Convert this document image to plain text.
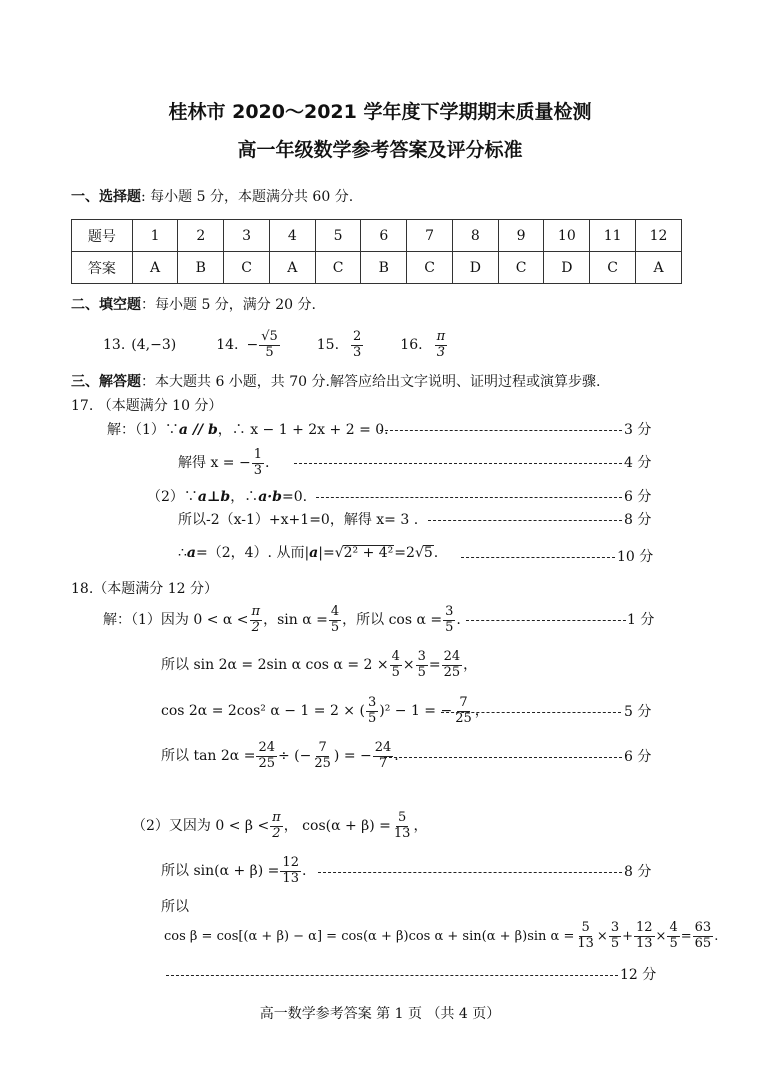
桂林市 2020～2021 学年度下学期期末质量检测
高一年级数学参考答案及评分标准
一、选择题: 每小题 5 分，本题满分共 60 分.
题号	1	2	3	4	5	6	7	8	9	10	11	12
答案	A	B	C	A	C	B	C	D	C	D	C	A
二、填空题：每小题 5 分，满分 20 分.
13. (4,−3)	14. − $\frac{√5}{5}$	15. $\frac{2}{3}$	16. $\frac{\pi}{3}$
三、解答题：本大题共 6 小题，共 70 分.解答应给出文字说明、证明过程或演算步骤.
17. （本题满分 10 分）
解：（1）∵ a // b ，∴ x − 1 + 2x + 2 = 0.	3 分
解得 x = − $\frac{1}{3}$ .	4 分
（2）∵ a⊥b ，∴ a·b =0.	6 分
所以-2（x-1）+x+1=0，解得 x= 3 .	8 分
∴ a =（2，4）. 从而| a |= √ 2² + 4² =2 √ 5 .	10 分
18.（本题满分 12 分）
解：（1）因为 $0 < \alpha < \frac{\pi}{2}$ ，$\sin \alpha = \frac{4}{5}$ ，所以 $\cos \alpha = \frac{3}{5}$ .	1 分
所以 sin 2α = 2sin α $\cos \alpha = 2 \times \frac{4}{5} \times \frac{3}{5} = \frac{24}{25}$ ，
cos 2α = 2cos² α − 1 = 2 × ( $\frac{3}{5} )^2 - 1$ = − $\frac{7}{25}$ ，	5 分
所以 $\tan 2\alpha = \frac{24}{25}$ ÷ (− $\frac{7}{25}$ ) = − $\frac{24}{7}$ .	6 分
（2）又因为 $0 < \beta < \frac{\pi}{2}$ ， $\cos(\alpha + \beta) = \frac{5}{13}$ ，
所以 $\sin(\alpha + \beta) = \frac{12}{13}$ .	8 分
所以
cos β = cos[(α + β) − α] = cos(α + β)cos α + sin(α + β)sin $\alpha = \frac{5}{13} \times \frac{3}{5} + \frac{12}{13} \times \frac{4}{5} = \frac{63}{65}$ .
12 分
高一数学参考答案 第 1 页 （共 4 页）
